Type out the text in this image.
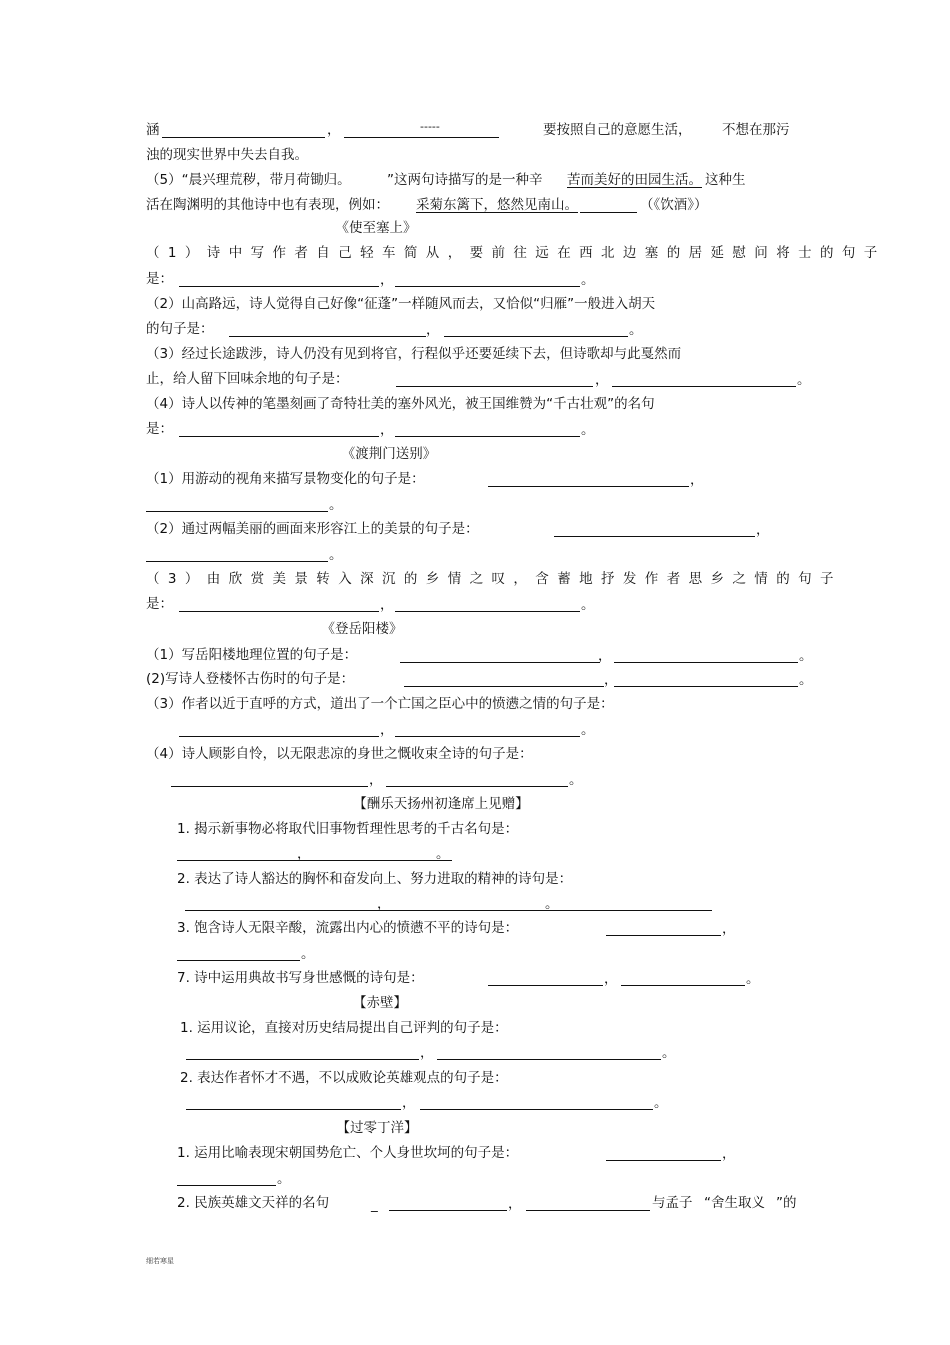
涵	，	-----	要按照自己的意愿生活， 不想在那污
浊的现实世界中失去自我。
（5）“晨兴理荒秽，带月荷锄归。	”这两句诗描写的是一种辛 苦而美好的田园生活。 这种生
活在陶渊明的其他诗中也有表现，例如： 采菊东篱下，悠然见南山。	（《饮酒》）
《使至塞上》
（1）诗中写作者自己轻车简从，要前往远在西北边塞的居延慰问将士的句子
是：	，	。
（2）山高路远，诗人觉得自己好像“征蓬”一样随风而去，又恰似“归雁”一般进入胡天
的句子是：	，	。
（3）经过长途跋涉，诗人仍没有见到将官，行程似乎还要延续下去，但诗歌却与此戛然而
止，给人留下回味余地的句子是：	，	。
（4）诗人以传神的笔墨刻画了奇特壮美的塞外风光，被王国维赞为“千古壮观”的名句
是：	，	。
《渡荆门送别》
（1）用游动的视角来描写景物变化的句子是：	，
。
（2）通过两幅美丽的画面来形容江上的美景的句子是：	，
。
（3）由欣赏美景转入深沉的乡情之叹，含蓄地抒发作者思乡之情的句子
是：	，	。
《登岳阳楼》
（1）写岳阳楼地理位置的句子是：	，	。
(2)写诗人登楼怀古伤时的句子是：	，	。
（3）作者以近于直呼的方式，道出了一个亡国之臣心中的愤懑之情的句子是：
，	。
（4）诗人顾影自怜，以无限悲凉的身世之慨收束全诗的句子是：
，	。
【酬乐天扬州初逢席上见赠】
1. 揭示新事物必将取代旧事物哲理性思考的千古名句是：
，	。
2. 表达了诗人豁达的胸怀和奋发向上、努力进取的精神的诗句是：
，	。
3. 饱含诗人无限辛酸，流露出内心的愤懑不平的诗句是：	，
。
7. 诗中运用典故书写身世感慨的诗句是：	，	。
【赤壁】
1. 运用议论，直接对历史结局提出自己评判的句子是：
，	。
2. 表达作者怀才不遇，不以成败论英雄观点的句子是：
，	。
【过零丁洋】
1. 运用比喻表现宋朝国势危亡、个人身世坎坷的句子是：	，
。
2. 民族英雄文天祥的名句	_	，	与孟子 “舍生取义 ”的
细若寒星
